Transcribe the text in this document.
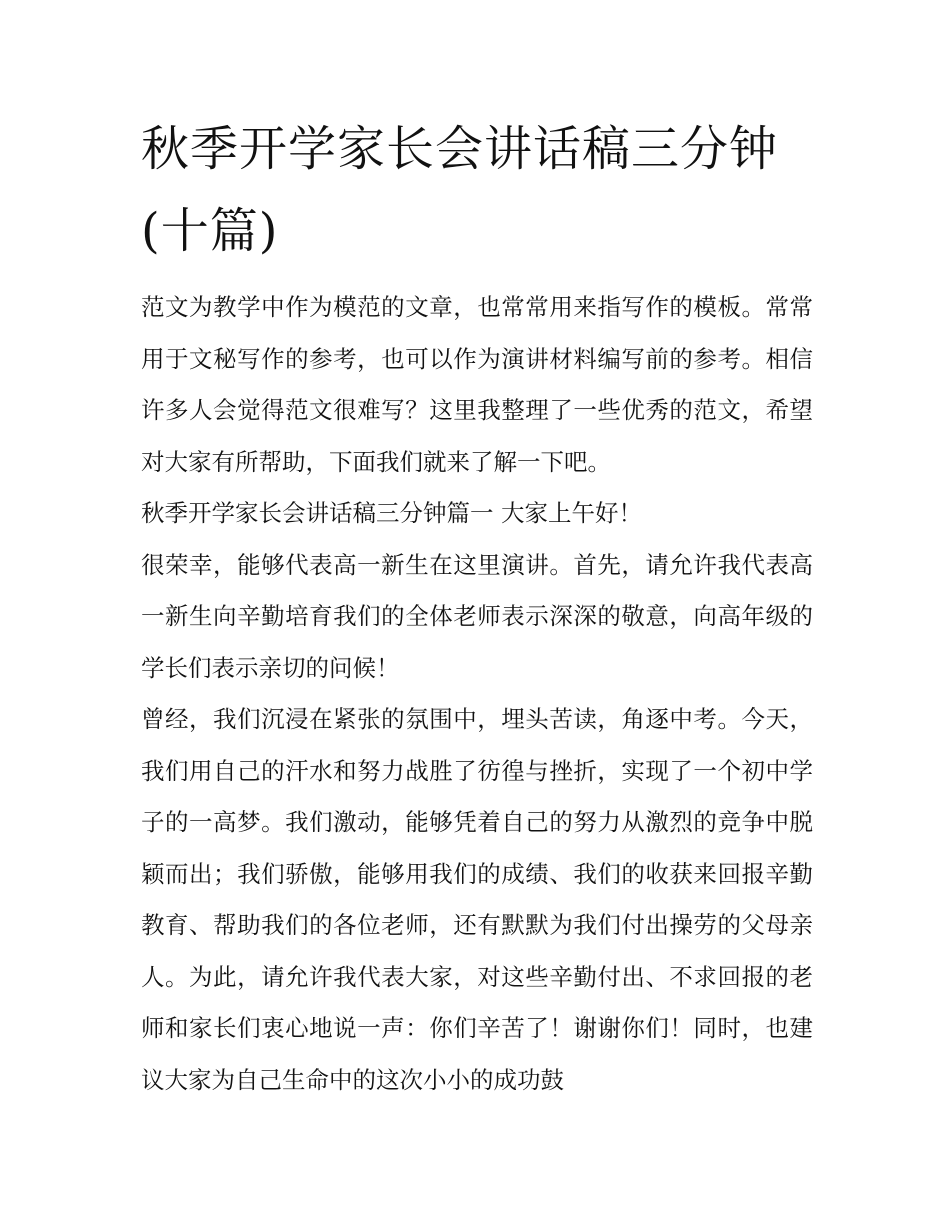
秋季开学家长会讲话稿三分钟(十篇)

范文为教学中作为模范的文章，也常常用来指写作的模板。常常用于文秘写作的参考，也可以作为演讲材料编写前的参考。相信许多人会觉得范文很难写？这里我整理了一些优秀的范文，希望对大家有所帮助，下面我们就来了解一下吧。

秋季开学家长会讲话稿三分钟篇一 大家上午好！

很荣幸，能够代表高一新生在这里演讲。首先，请允许我代表高一新生向辛勤培育我们的全体老师表示深深的敬意，向高年级的学长们表示亲切的问候！

曾经，我们沉浸在紧张的氛围中，埋头苦读，角逐中考。今天，我们用自己的汗水和努力战胜了彷徨与挫折，实现了一个初中学子的一高梦。我们激动，能够凭着自己的努力从激烈的竞争中脱颖而出；我们骄傲，能够用我们的成绩、我们的收获来回报辛勤教育、帮助我们的各位老师，还有默默为我们付出操劳的父母亲人。为此，请允许我代表大家，对这些辛勤付出、不求回报的老师和家长们衷心地说一声：你们辛苦了！谢谢你们！同时，也建议大家为自己生命中的这次小小的成功鼓
